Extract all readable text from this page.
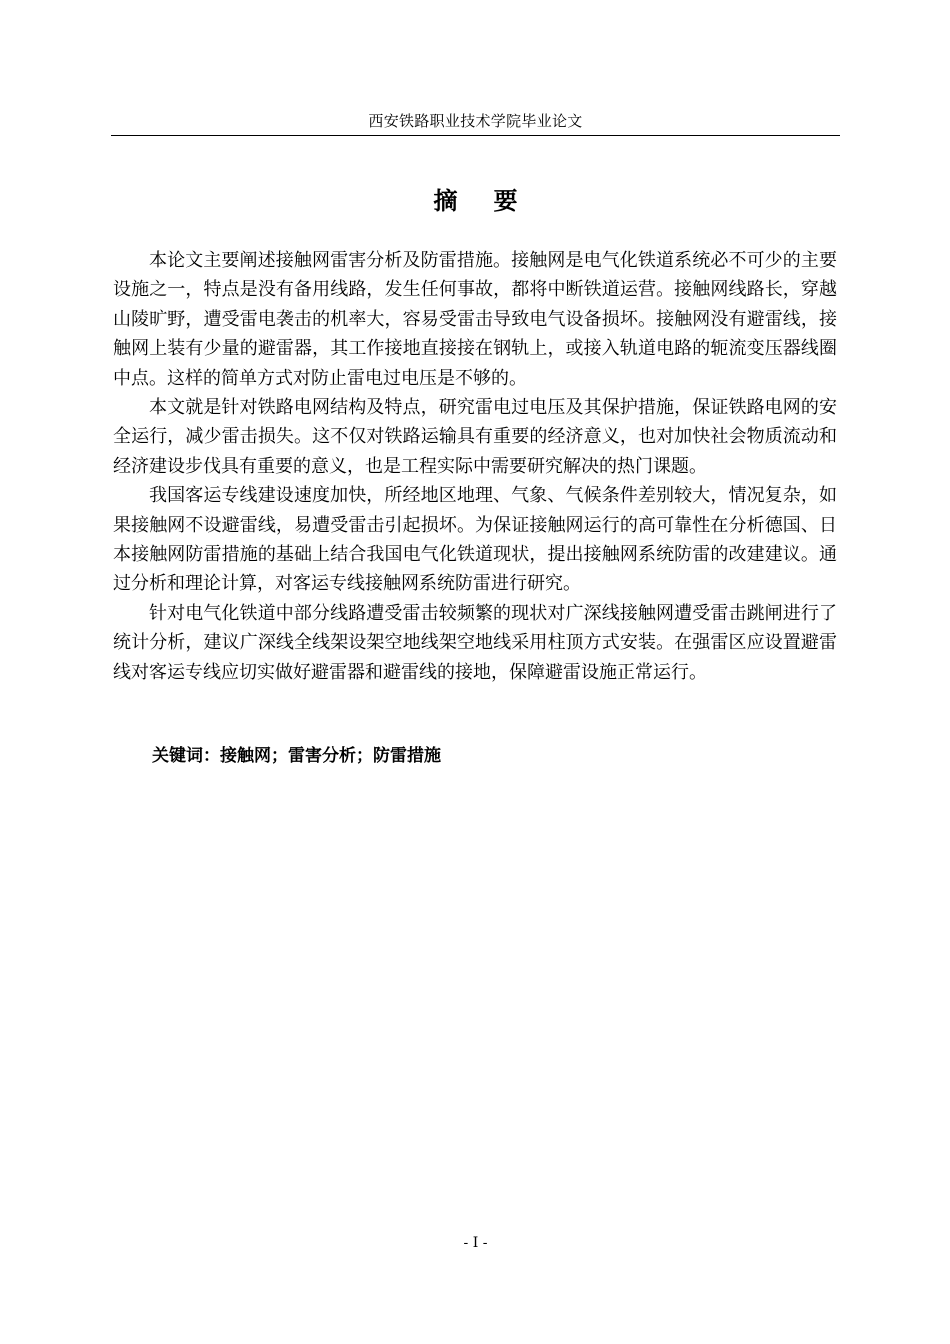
西安铁路职业技术学院毕业论文
摘 要

本论文主要阐述接触网雷害分析及防雷措施。接触网是电气化铁道系统必不可少的主要设施之一，特点是没有备用线路，发生任何事故，都将中断铁道运营。接触网线路长，穿越山陵旷野，遭受雷电袭击的机率大，容易受雷击导致电气设备损坏。接触网没有避雷线，接触网上装有少量的避雷器，其工作接地直接接在钢轨上，或接入轨道电路的轭流变压器线圈中点。这样的简单方式对防止雷电过电压是不够的。

本文就是针对铁路电网结构及特点，研究雷电过电压及其保护措施，保证铁路电网的安全运行，减少雷击损失。这不仅对铁路运输具有重要的经济意义，也对加快社会物质流动和经济建设步伐具有重要的意义，也是工程实际中需要研究解决的热门课题。

我国客运专线建设速度加快，所经地区地理、气象、气候条件差别较大，情况复杂，如果接触网不设避雷线，易遭受雷击引起损坏。为保证接触网运行的高可靠性在分析德国、日本接触网防雷措施的基础上结合我国电气化铁道现状，提出接触网系统防雷的改建建议。通过分析和理论计算，对客运专线接触网系统防雷进行研究。

针对电气化铁道中部分线路遭受雷击较频繁的现状对广深线接触网遭受雷击跳闸进行了统计分析，建议广深线全线架设架空地线架空地线采用柱顶方式安装。在强雷区应设置避雷线对客运专线应切实做好避雷器和避雷线的接地，保障避雷设施正常运行。

关键词：接触网；雷害分析；防雷措施
- I -
